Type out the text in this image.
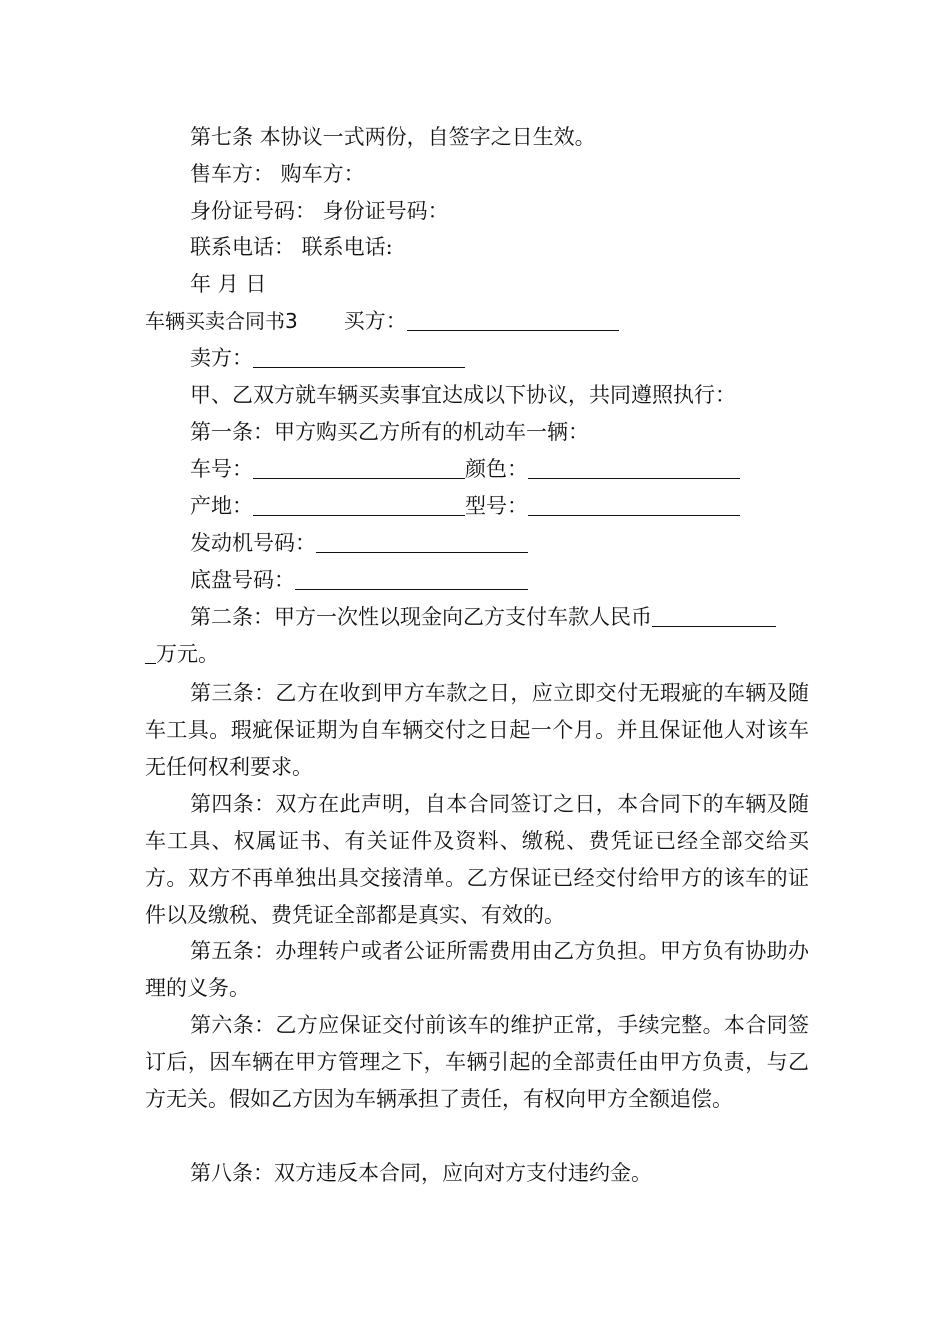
第七条 本协议一式两份，自签字之日生效。
售车方： 购车方：
身份证号码： 身份证号码：
联系电话： 联系电话:
年 月 日
车辆买卖合同书3 买方：
卖方：
甲、乙双方就车辆买卖事宜达成以下协议，共同遵照执行：
第一条：甲方购买乙方所有的机动车一辆：
车号：	颜色：
产地：	型号：
发动机号码：
底盘号码：
第二条：甲方一次性以现金向乙方支付车款人民币
万元。
第三条：乙方在收到甲方车款之日，应立即交付无瑕疵的车辆及随车工具。瑕疵保证期为自车辆交付之日起一个月。并且保证他人对该车无任何权利要求。
第四条：双方在此声明，自本合同签订之日，本合同下的车辆及随车工具、权属证书、有关证件及资料、缴税、费凭证已经全部交给买方。双方不再单独出具交接清单。乙方保证已经交付给甲方的该车的证件以及缴税、费凭证全部都是真实、有效的。
第五条：办理转户或者公证所需费用由乙方负担。甲方负有协助办理的义务。
第六条：乙方应保证交付前该车的维护正常，手续完整。本合同签订后，因车辆在甲方管理之下，车辆引起的全部责任由甲方负责，与乙方无关。假如乙方因为车辆承担了责任，有权向甲方全额追偿。
第八条：双方违反本合同，应向对方支付违约金。
